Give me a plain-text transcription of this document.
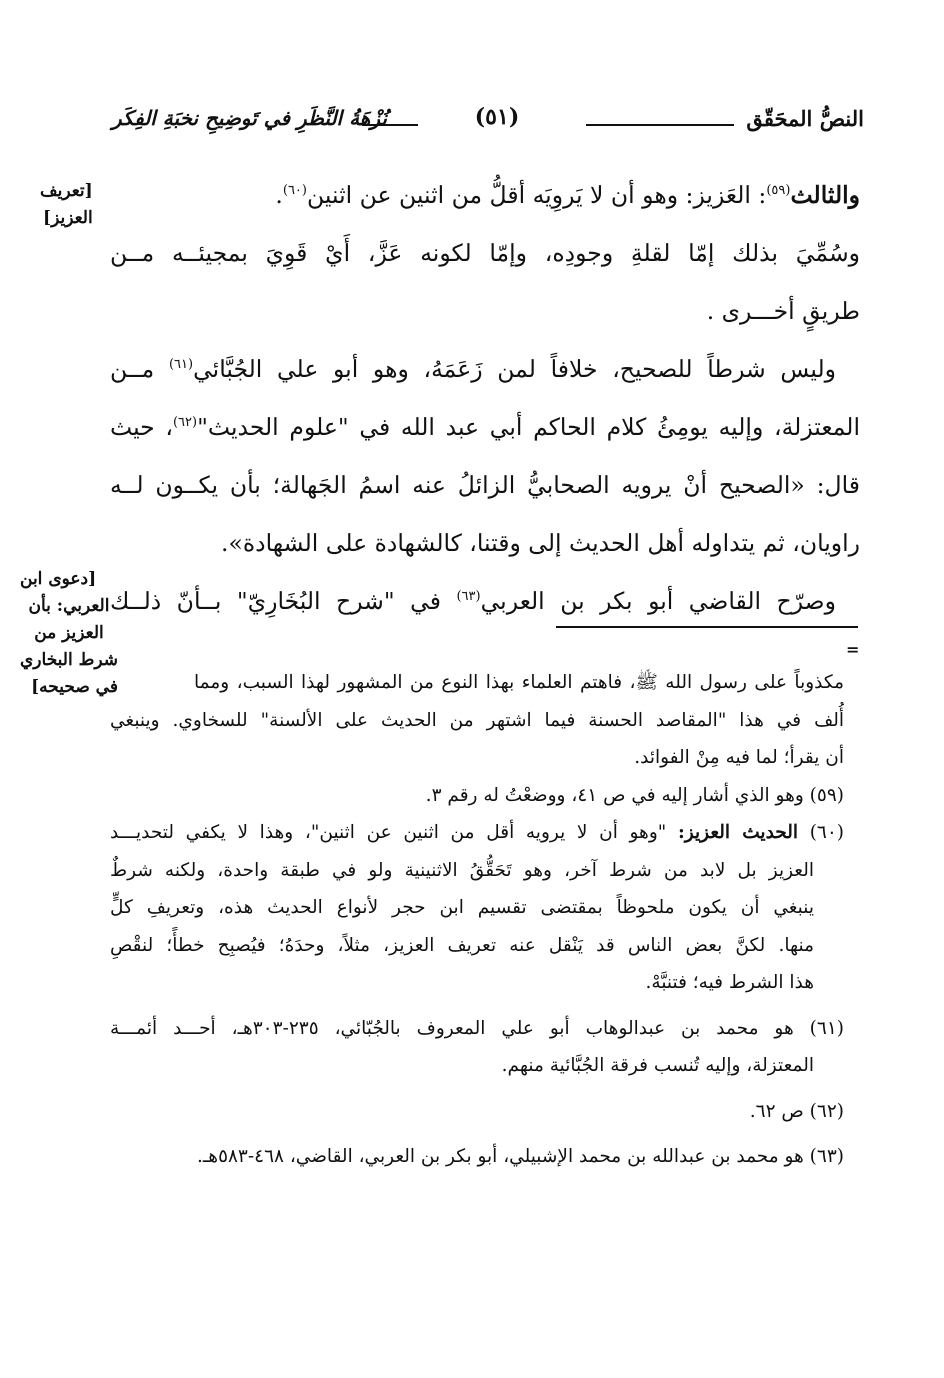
النصُّ المحَقّق
(٥١)
نُزْهَةُ النَّظَرِ في تَوضِيحِ نخبَةِ الفِكَر
[تعريف
العزيز]
[دعوى ابن
العربي: بأن
العزيز من
شرط البخاري
في صحيحه]
والثالث$^{(٥٩)}$: العَزيز: وهو أن لا يَروِيَه أقلُّ من اثنين عن اثنين$^{(٦٠)}$.
وسُمِّيَ بذلك إمّا لقلةِ وجودِه، وإمّا لكونه عَزَّ، أَيْ قَوِيَ بمجيئــه مــن
طريقٍ أخـــرى .
وليس شرطاً للصحيح، خلافاً لمن زَعَمَهُ، وهو أبو علي الجُبَّائي$^{(٦١)}$ مــن
المعتزلة، وإليه يومِئُ كلام الحاكم أبي عبد الله في "علوم الحديث"$^{(٦٢)}$، حيث
قال: «الصحيح أنْ يرويه الصحابيُّ الزائلُ عنه اسمُ الجَهالة؛ بأن يكــون لــه
راويان، ثم يتداوله أهل الحديث إلى وقتنا، كالشهادة على الشهادة».
وصرّح القاضي أبو بكر بن العربي$^{(٦٣)}$ في "شرح البُخَارِيّ" بــأنّ ذلــك
=
مكذوباً على رسول الله ﷺ، فاهتم العلماء بهذا النوع من المشهور لهذا السبب، ومما
أُلف في هذا "المقاصد الحسنة فيما اشتهر من الحديث على الألسنة" للسخاوي. وينبغي
أن يقرأ؛ لما فيه مِنْ الفوائد.
(٥٩) وهو الذي أشار إليه في ص ٤١، ووضعْتُ له رقم ٣.
(٦٠) الحديث العزيز: "وهو أن لا يرويه أقل من اثنين عن اثنين"، وهذا لا يكفي لتحديـــد
العزيز بل لابد من شرط آخر، وهو تَحَقُّقُ الاثنينية ولو في طبقة واحدة، ولكنه شرطٌ
ينبغي أن يكون ملحوظاً بمقتضى تقسيم ابن حجر لأنواع الحديث هذه، وتعريفِ كلٍّ
منها. لكنَّ بعض الناس قد يَنْقل عنه تعريف العزيز، مثلاً، وحدَهُ؛ فيُصبِح خطأً؛ لنقْصِ
هذا الشرط فيه؛ فتنبَّهْ.
(٦١) هو محمد بن عبدالوهاب أبو علي المعروف بالجُبّائي، ٢٣٥-٣٠٣هـ، أحـــد أئمـــة
المعتزلة، وإليه تُنسب فرقة الجُبَّائية منهم.
(٦٢) ص ٦٢.
(٦٣) هو محمد بن عبدالله بن محمد الإشبيلي، أبو بكر بن العربي، القاضي، ٤٦٨-٥٨٣هـ.
